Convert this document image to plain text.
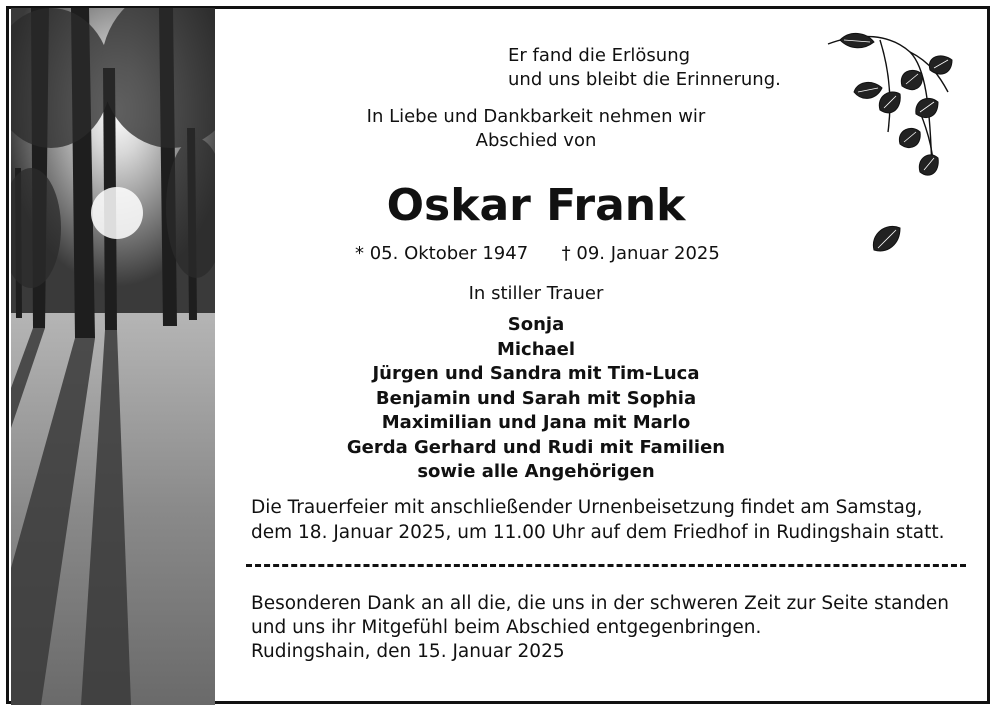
Er fand die Erlösung
und uns bleibt die Erinnerung.
In Liebe und Dankbarkeit nehmen wir
Abschied von
Oskar Frank
* 05. Oktober 1947 † 09. Januar 2025
In stiller Trauer
Sonja
Michael
Jürgen und Sandra mit Tim-Luca
Benjamin und Sarah mit Sophia
Maximilian und Jana mit Marlo
Gerda Gerhard und Rudi mit Familien
sowie alle Angehörigen
Die Trauerfeier mit anschließender Urnenbeisetzung findet am Samstag,
dem 18. Januar 2025, um 11.00 Uhr auf dem Friedhof in Rudingshain statt.
Besonderen Dank an all die, die uns in der schweren Zeit zur Seite standen
und uns ihr Mitgefühl beim Abschied entgegenbringen.
Rudingshain, den 15. Januar 2025
